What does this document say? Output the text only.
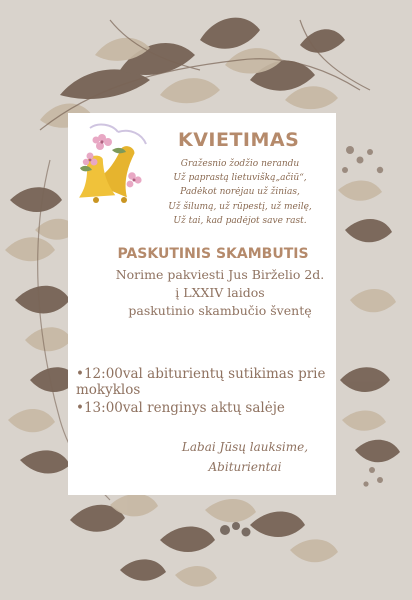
KVIETIMAS
Gražesnio žodžio nerandu
Už paprastą lietuvišką„ačiū“,
Padėkot norėjau už žinias,
Už šilumą, už rūpestį, už meilę,
Už tai, kad padėjot save rast.
PASKUTINIS SKAMBUTIS
Norime pakviesti Jus Birželio 2d.
į LXXIV laidos
paskutinio skambučio šventę
•12:00val abiturientų sutikimas prie mokyklos
•13:00val renginys aktų salėje
Labai Jūsų lauksime,
Abiturientai
